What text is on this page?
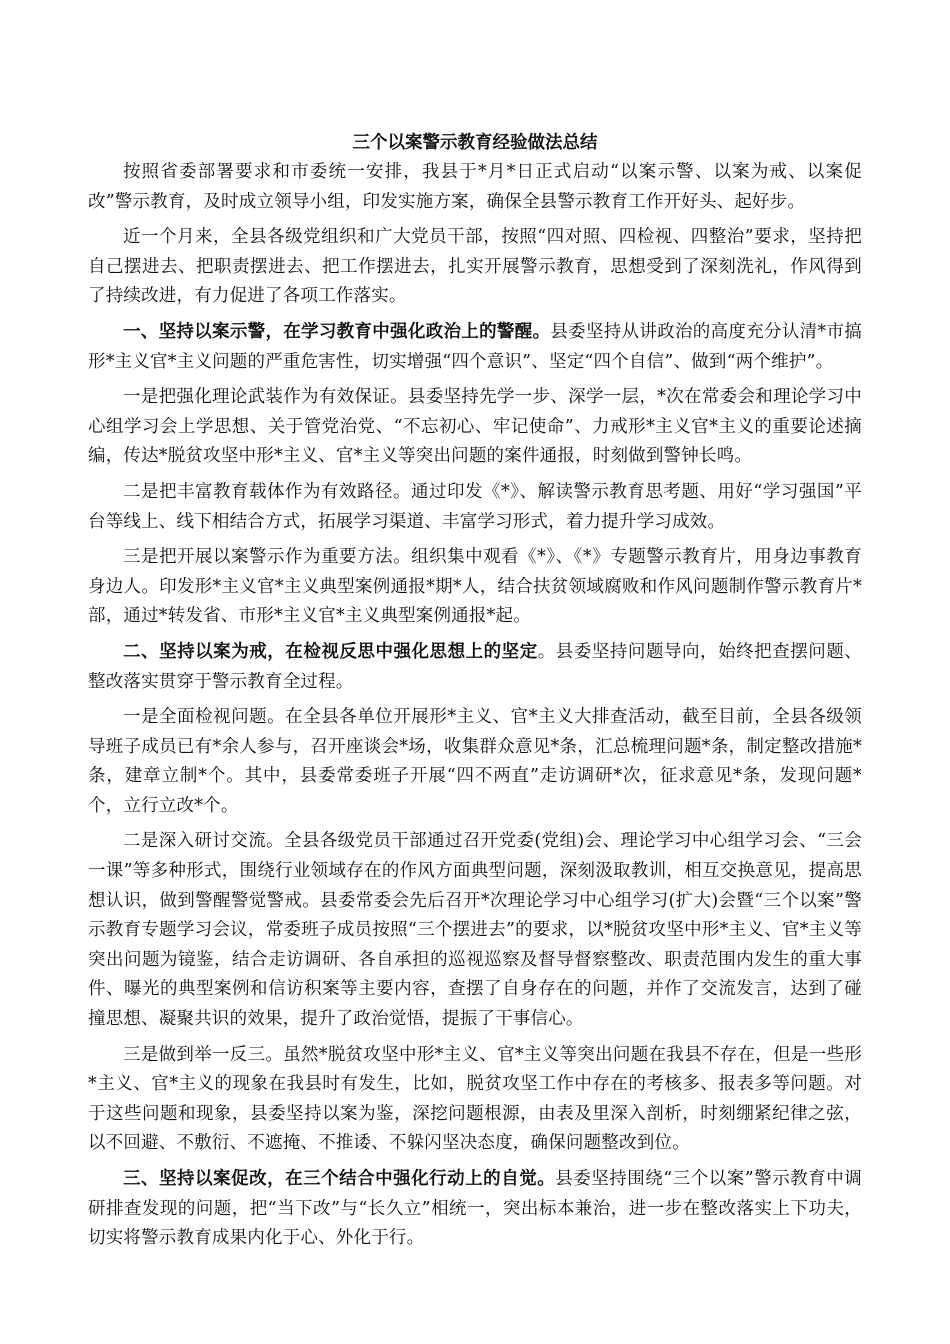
三个以案警示教育经验做法总结
按照省委部署要求和市委统一安排，我县于*月*日正式启动“以案示警、以案为戒、以案促改”警示教育，及时成立领导小组，印发实施方案，确保全县警示教育工作开好头、起好步。
近一个月来，全县各级党组织和广大党员干部，按照“四对照、四检视、四整治”要求，坚持把自己摆进去、把职责摆进去、把工作摆进去，扎实开展警示教育，思想受到了深刻洗礼，作风得到了持续改进，有力促进了各项工作落实。
一、坚持以案示警，在学习教育中强化政治上的警醒。县委坚持从讲政治的高度充分认清*市搞形*主义官*主义问题的严重危害性，切实增强“四个意识”、坚定“四个自信”、做到“两个维护”。
一是把强化理论武装作为有效保证。县委坚持先学一步、深学一层，*次在常委会和理论学习中心组学习会上学思想、关于管党治党、“不忘初心、牢记使命”、力戒形*主义官*主义的重要论述摘编，传达*脱贫攻坚中形*主义、官*主义等突出问题的案件通报，时刻做到警钟长鸣。
二是把丰富教育载体作为有效路径。通过印发《*》、解读警示教育思考题、用好“学习强国”平台等线上、线下相结合方式，拓展学习渠道、丰富学习形式，着力提升学习成效。
三是把开展以案警示作为重要方法。组织集中观看《*》、《*》专题警示教育片，用身边事教育身边人。印发形*主义官*主义典型案例通报*期*人，结合扶贫领域腐败和作风问题制作警示教育片*部，通过*转发省、市形*主义官*主义典型案例通报*起。
二、坚持以案为戒，在检视反思中强化思想上的坚定。县委坚持问题导向，始终把查摆问题、整改落实贯穿于警示教育全过程。
一是全面检视问题。在全县各单位开展形*主义、官*主义大排查活动，截至目前，全县各级领导班子成员已有*余人参与，召开座谈会*场，收集群众意见*条，汇总梳理问题*条，制定整改措施*条，建章立制*个。其中，县委常委班子开展“四不两直”走访调研*次，征求意见*条，发现问题*个，立行立改*个。
二是深入研讨交流。全县各级党员干部通过召开党委(党组)会、理论学习中心组学习会、“三会一课”等多种形式，围绕行业领域存在的作风方面典型问题，深刻汲取教训，相互交换意见，提高思想认识，做到警醒警觉警戒。县委常委会先后召开*次理论学习中心组学习(扩大)会暨“三个以案”警示教育专题学习会议，常委班子成员按照“三个摆进去”的要求，以*脱贫攻坚中形*主义、官*主义等突出问题为镜鉴，结合走访调研、各自承担的巡视巡察及督导督察整改、职责范围内发生的重大事件、曝光的典型案例和信访积案等主要内容，查摆了自身存在的问题，并作了交流发言，达到了碰撞思想、凝聚共识的效果，提升了政治觉悟，提振了干事信心。
三是做到举一反三。虽然*脱贫攻坚中形*主义、官*主义等突出问题在我县不存在，但是一些形*主义、官*主义的现象在我县时有发生，比如，脱贫攻坚工作中存在的考核多、报表多等问题。对于这些问题和现象，县委坚持以案为鉴，深挖问题根源，由表及里深入剖析，时刻绷紧纪律之弦，以不回避、不敷衍、不遮掩、不推诿、不躲闪坚决态度，确保问题整改到位。
三、坚持以案促改，在三个结合中强化行动上的自觉。县委坚持围绕“三个以案”警示教育中调研排查发现的问题，把“当下改”与“长久立”相统一，突出标本兼治，进一步在整改落实上下功夫，切实将警示教育成果内化于心、外化于行。
